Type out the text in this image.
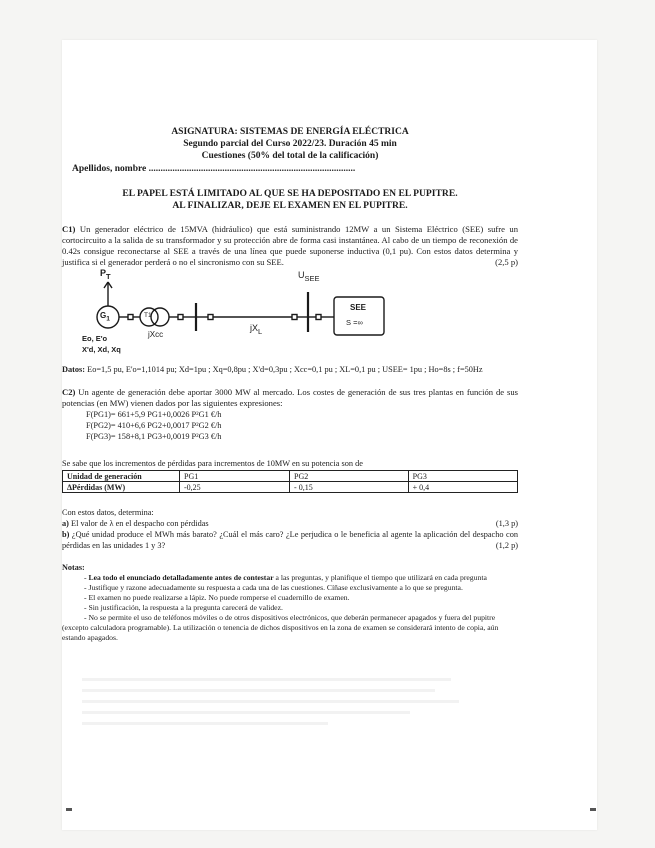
ASIGNATURA: SISTEMAS DE ENERGÍA ELÉCTRICA
Segundo parcial del Curso 2022/23. Duración 45 min
Cuestiones (50% del total de la calificación)
Apellidos, nombre .......................................................................................
EL PAPEL ESTÁ LIMITADO AL QUE SE HA DEPOSITADO EN EL PUPITRE.
AL FINALIZAR, DEJE EL EXAMEN EN EL PUPITRE.

C1) Un generador eléctrico de 15MVA (hidráulico) que está suministrando 12MW a un Sistema Eléctrico (SEE) sufre un cortocircuito a la salida de su transformador y su protección abre de forma casi instantánea. Al cabo de un tiempo de reconexión de 0.42s consigue reconectarse al SEE a través de una línea que puede suponerse inductiva (0,1 pu). Con estos datos determina y justifica si el generador perderá o no el sincronismo con su SEE.	(2,5 p)

$P_T$
$G_1$
T1
jXcc
$jX_L$
$U_{SEE}$
SEE
S =∞
Eo, E'o
X'd, Xd, Xq
Datos: Eo=1,5 pu, E'o=1,1014 pu; Xd=1pu ; Xq=0,8pu ; X'd=0,3pu ; Xcc=0,1 pu ; XL=0,1 pu ; USEE= 1pu ; Ho=8s ; f=50Hz

C2) Un agente de generación debe aportar 3000 MW al mercado. Los costes de generación de sus tres plantas en función de sus potencias (en MW) vienen dados por las siguientes expresiones:

F(PG1)= 661+5,9 PG1+0,0026 P²G1 €/h
F(PG2)= 410+6,6 PG2+0,0017 P²G2 €/h
F(PG3)= 158+8,1 PG3+0,0019 P²G3 €/h
Se sabe que los incrementos de pérdidas para incrementos de 10MW en su potencia son de
Unidad de generación	PG1	PG2	PG3
ΔPérdidas (MW)	-0,25	- 0,15	+ 0,4
Con estos datos, determina:
a) El valor de λ en el despacho con pérdidas	(1,3 p)
b) ¿Qué unidad produce el MWh más barato? ¿Cuál el más caro? ¿Le perjudica o le beneficia al agente la aplicación del despacho con pérdidas en las unidades 1 y 3?	(1,2 p)
Notas:
- Lea todo el enunciado detalladamente antes de contestar a las preguntas, y planifique el tiempo que utilizará en cada pregunta
- Justifique y razone adecuadamente su respuesta a cada una de las cuestiones. Cíñase exclusivamente a lo que se pregunta.
- El examen no puede realizarse a lápiz. No puede romperse el cuadernillo de examen.
- Sin justificación, la respuesta a la pregunta carecerá de validez.
- No se permite el uso de teléfonos móviles o de otros dispositivos electrónicos, que deberán permanecer apagados y fuera del pupitre (excepto calculadora programable). La utilización o tenencia de dichos dispositivos en la zona de examen se considerará intento de copia, aún estando apagados.
